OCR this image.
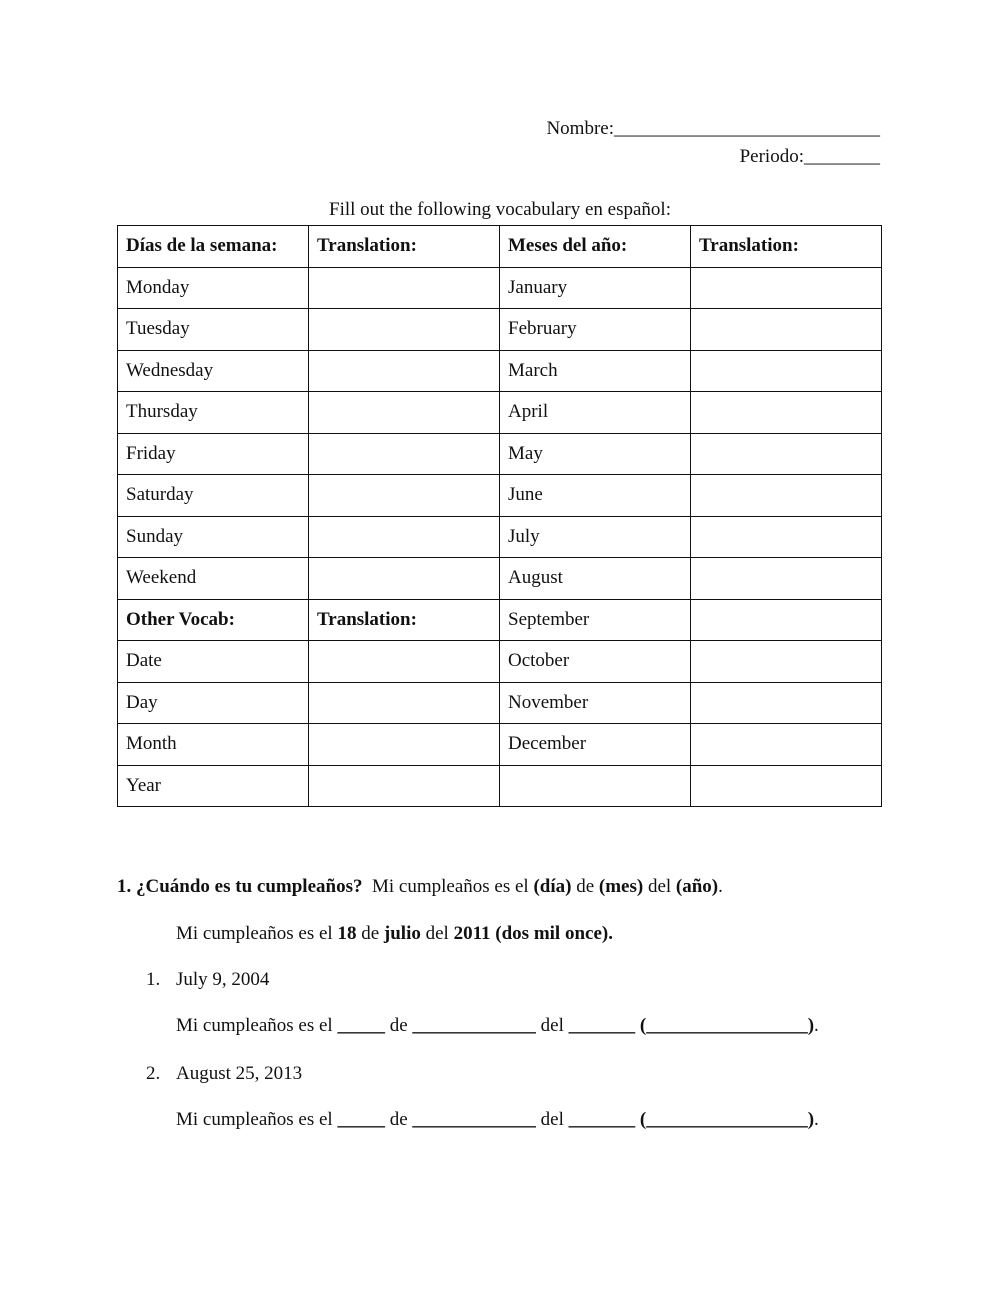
Nombre:____________________________
Periodo:________
Fill out the following vocabulary en español:
Días de la semana:	Translation:	Meses del año:	Translation:
Monday		January	
Tuesday		February	
Wednesday		March	
Thursday		April	
Friday		May	
Saturday		June	
Sunday		July	
Weekend		August	
Other Vocab:	Translation:	September	
Date		October	
Day		November	
Month		December	
Year			
1. ¿Cuándo es tu cumpleaños? Mi cumpleaños es el (día) de (mes) del (año).
Mi cumpleaños es el 18 de julio del 2011 (dos mil once).
1. July 9, 2004
Mi cumpleaños es el _____ de _____________ del _______ (_________________).
2. August 25, 2013
Mi cumpleaños es el _____ de _____________ del _______ (_________________).
